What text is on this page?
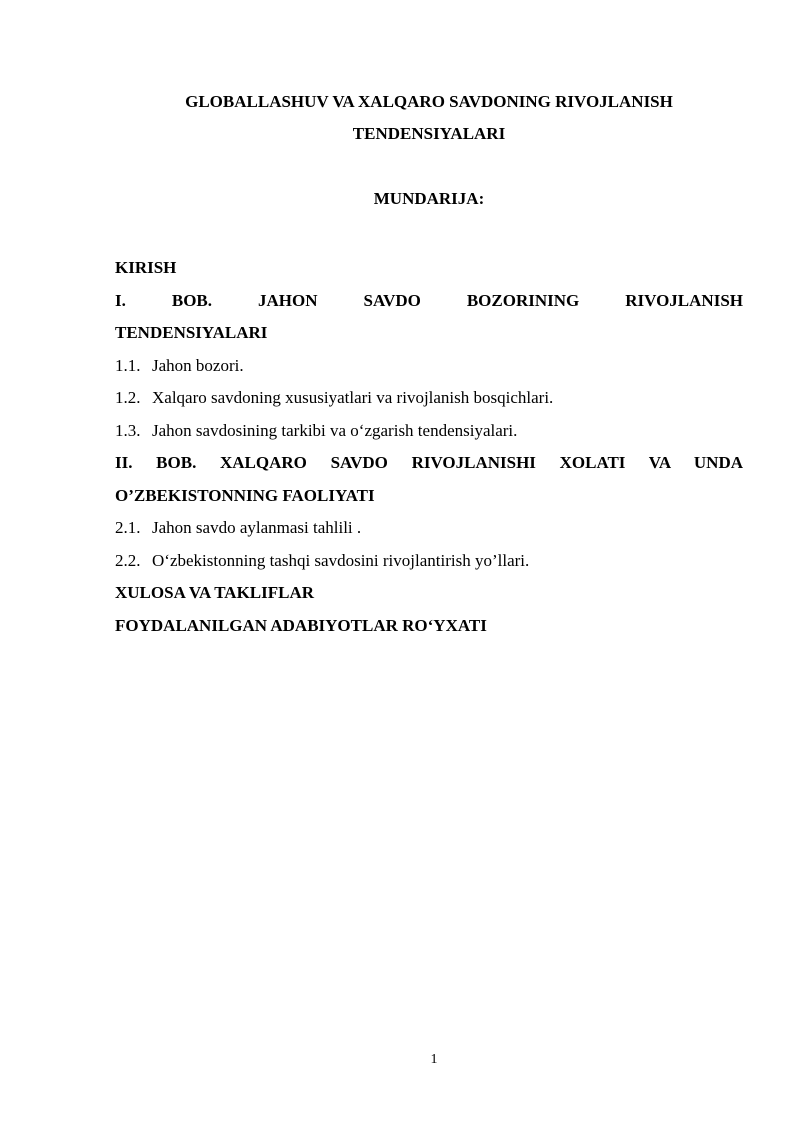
GLOBALLASHUV VA XALQARO SAVDONING RIVOJLANISH
TENDENSIYALARI
MUNDARIJA:
KIRISH
I. BOB. JAHON SAVDO BOZORINING RIVOJLANISH
TENDENSIYALARI
1.1. Jahon bozori.
1.2. Xalqaro savdoning xususiyatlari va rivojlanish bosqichlari.
1.3. Jahon savdosining tarkibi va o‘zgarish tendensiyalari.
II. BOB. XALQARO SAVDO RIVOJLANISHI XOLATI VA UNDA
O’ZBEKISTONNING FAOLIYATI
2.1. Jahon savdo aylanmasi tahlili .
2.2. O‘zbekistonning tashqi savdosini rivojlantirish yo’llari.
XULOSA VA TAKLIFLAR
FOYDALANILGAN ADABIYOTLAR RO‘YXATI
1
